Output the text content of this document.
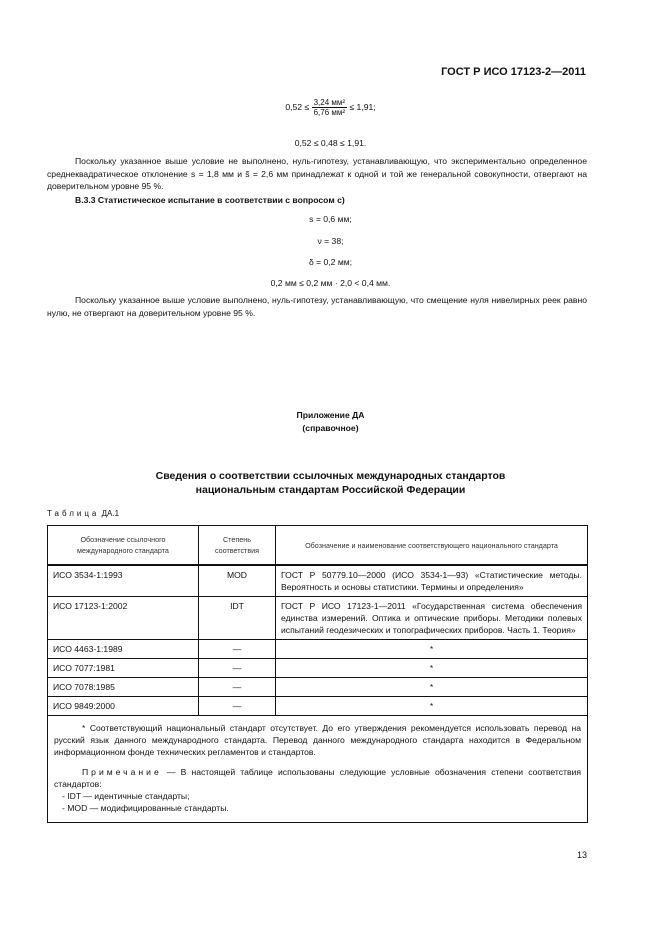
ГОСТ Р ИСО 17123-2—2011
$0,52 \le \frac{\text{3,24 мм²}}{\text{6,76 мм²}} \le 1,91$;
0,52 ≤ 0,48 ≤ 1,91.
Поскольку указанное выше условие не выполнено, нуль-гипотезу, устанавливающую, что экспериментально определенное среднеквадратическое отклонение s = 1,8 мм и s̃ = 2,6 мм принадлежат к одной и той же генеральной совокупности, отвергают на доверительном уровне 95 %.
В.3.3 Статистическое испытание в соответствии с вопросом с)
s = 0,6 мм;
ν = 38;
δ = 0,2 мм;
0,2 мм ≤ 0,2 мм · 2,0 < 0,4 мм.
Поскольку указанное выше условие выполнено, нуль-гипотезу, устанавливающую, что смещение нуля нивелирных реек равно нулю, не отвергают на доверительном уровне 95 %.
Приложение ДА
(справочное)
Сведения о соответствии ссылочных международных стандартов
национальным стандартам Российской Федерации
Таблица ДА.1
Обозначение ссылочного международного стандарта	Степень соответствия	Обозначение и наименование соответствующего национального стандарта
ИСО 3534-1:1993	MOD	ГОСТ Р 50779.10—2000 (ИСО 3534-1—93) «Статистические методы. Вероятность и основы статистики. Термины и определения»
ИСО 17123-1:2002	IDT	ГОСТ Р ИСО 17123-1—2011 «Государственная система обеспечения единства измерений. Оптика и оптические приборы. Методики полевых испытаний геодезических и топографических приборов. Часть 1. Теория»
ИСО 4463-1:1989	—	*
ИСО 7077:1981	—	*
ИСО 7078:1985	—	*
ИСО 9849:2000	—	*

* Соответствующий национальный стандарт отсутствует. До его утверждения рекомендуется использовать перевод на русский язык данного международного стандарта. Перевод данного международного стандарта находится в Федеральном информационном фонде технических регламентов и стандартов.

Примечание — В настоящей таблице использованы следующие условные обозначения степени соответствия стандартов:

- IDT — идентичные стандарты;

- MOD — модифицированные стандарты.		

13
